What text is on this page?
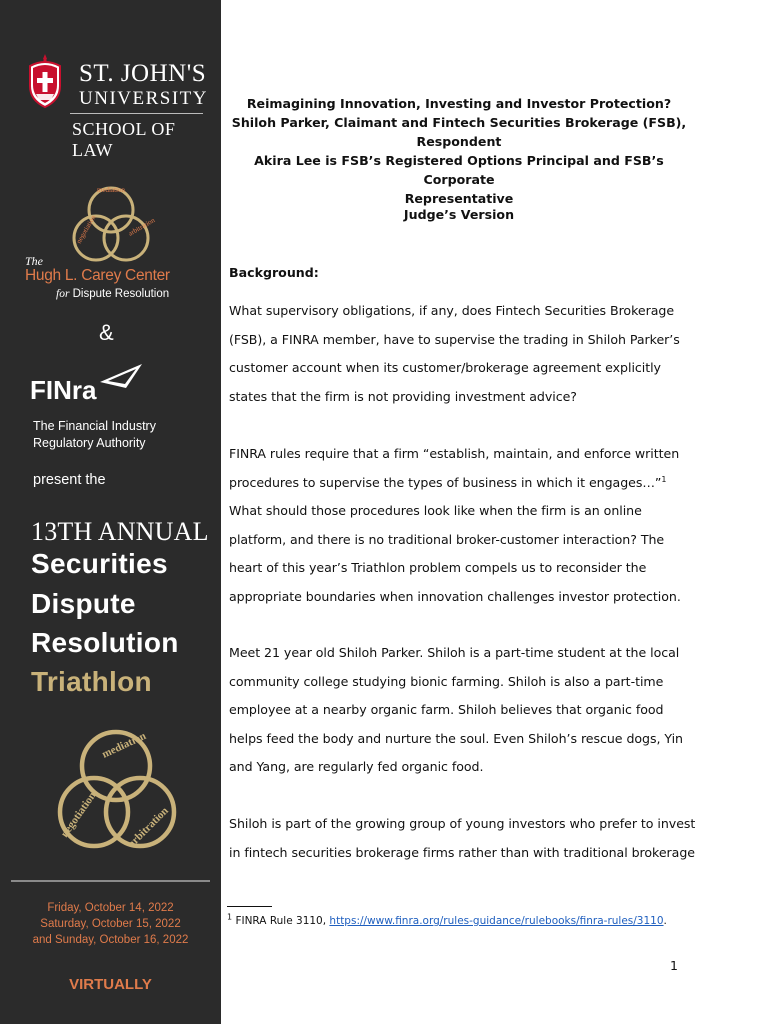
ST. JOHN'S
UNIVERSITY
SCHOOL OF LAW
mediation
negotiation	arbitration
The
Hugh L. Carey Center
for Dispute Resolution
&
FINra
The Financial Industry
Regulatory Authority
present the
13TH ANNUAL
Securities
Dispute
Resolution
Triathlon
mediation
negotiation arbitration
Friday, October 14, 2022
Saturday, October 15, 2022
and Sunday, October 16, 2022
VIRTUALLY
Reimagining Innovation, Investing and Investor Protection?
Shiloh Parker, Claimant and Fintech Securities Brokerage (FSB),
Respondent
Akira Lee is FSB’s Registered Options Principal and FSB’s Corporate
Representative
Judge’s Version
Background:
What supervisory obligations, if any, does Fintech Securities Brokerage
(FSB), a FINRA member, have to supervise the trading in Shiloh Parker’s
customer account when its customer/brokerage agreement explicitly
states that the firm is not providing investment advice?
FINRA rules require that a firm “establish, maintain, and enforce written
procedures to supervise the types of business in which it engages…”$^1$
What should those procedures look like when the firm is an online
platform, and there is no traditional broker-customer interaction? The
heart of this year’s Triathlon problem compels us to reconsider the
appropriate boundaries when innovation challenges investor protection.
Meet 21 year old Shiloh Parker. Shiloh is a part-time student at the local
community college studying bionic farming. Shiloh is also a part-time
employee at a nearby organic farm. Shiloh believes that organic food
helps feed the body and nurture the soul. Even Shiloh’s rescue dogs, Yin
and Yang, are regularly fed organic food.
Shiloh is part of the growing group of young investors who prefer to invest
in fintech securities brokerage firms rather than with traditional brokerage
$^1$ FINRA Rule 3110, https://www.finra.org/rules-guidance/rulebooks/finra-rules/3110.
1
